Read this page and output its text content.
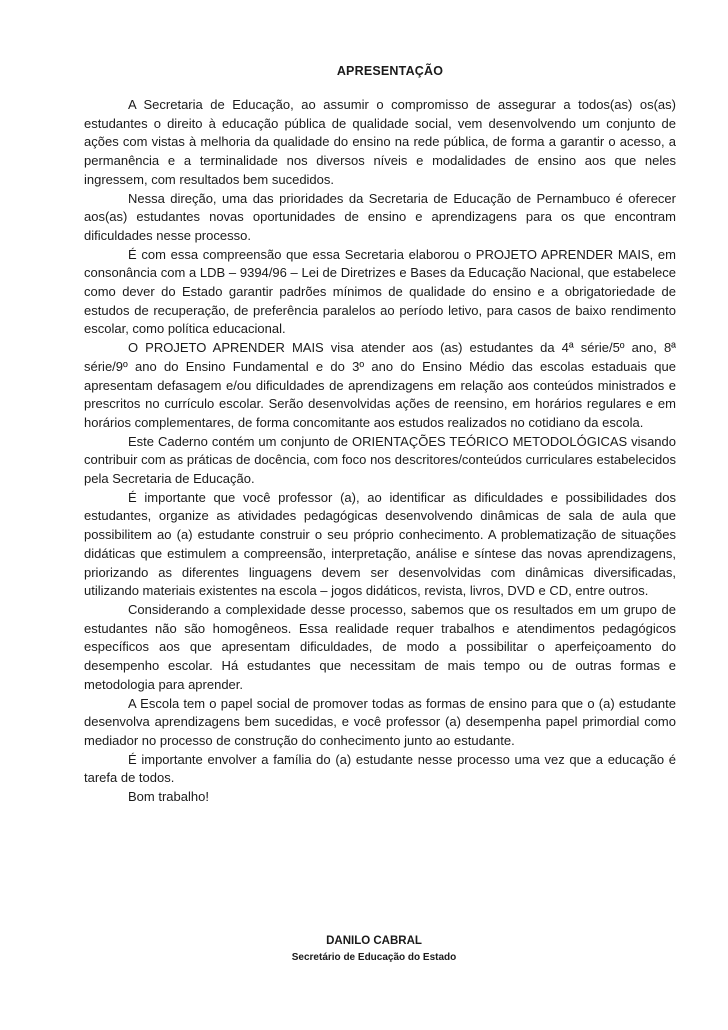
APRESENTAÇÃO

A Secretaria de Educação, ao assumir o compromisso de assegurar a todos(as) os(as) estudantes o direito à educação pública de qualidade social, vem desenvolvendo um conjunto de ações com vistas à melhoria da qualidade do ensino na rede pública, de forma a garantir o acesso, a permanência e a terminalidade nos diversos níveis e modalidades de ensino aos que neles ingressem, com resultados bem sucedidos.

Nessa direção, uma das prioridades da Secretaria de Educação de Pernambuco é oferecer aos(as) estudantes novas oportunidades de ensino e aprendizagens para os que encontram dificuldades nesse processo.

É com essa compreensão que essa Secretaria elaborou o PROJETO APRENDER MAIS, em consonância com a LDB – 9394/96 – Lei de Diretrizes e Bases da Educação Nacional, que estabelece como dever do Estado garantir padrões mínimos de qualidade do ensino e a obrigatoriedade de estudos de recuperação, de preferência paralelos ao período letivo, para casos de baixo rendimento escolar, como política educacional.

O PROJETO APRENDER MAIS visa atender aos (as) estudantes da 4ª série/5º ano, 8ª série/9º ano do Ensino Fundamental e do 3º ano do Ensino Médio das escolas estaduais que apresentam defasagem e/ou dificuldades de aprendizagens em relação aos conteúdos ministrados e prescritos no currículo escolar. Serão desenvolvidas ações de reensino, em horários regulares e em horários complementares, de forma concomitante aos estudos realizados no cotidiano da escola.

Este Caderno contém um conjunto de ORIENTAÇÕES TEÓRICO METODOLÓGICAS visando contribuir com as práticas de docência, com foco nos descritores/conteúdos curriculares estabelecidos pela Secretaria de Educação.

É importante que você professor (a), ao identificar as dificuldades e possibilidades dos estudantes, organize as atividades pedagógicas desenvolvendo dinâmicas de sala de aula que possibilitem ao (a) estudante construir o seu próprio conhecimento. A problematização de situações didáticas que estimulem a compreensão, interpretação, análise e síntese das novas aprendizagens, priorizando as diferentes linguagens devem ser desenvolvidas com dinâmicas diversificadas, utilizando materiais existentes na escola – jogos didáticos, revista, livros, DVD e CD, entre outros.

Considerando a complexidade desse processo, sabemos que os resultados em um grupo de estudantes não são homogêneos. Essa realidade requer trabalhos e atendimentos pedagógicos específicos aos que apresentam dificuldades, de modo a possibilitar o aperfeiçoamento do desempenho escolar. Há estudantes que necessitam de mais tempo ou de outras formas e metodologia para aprender.

A Escola tem o papel social de promover todas as formas de ensino para que o (a) estudante desenvolva aprendizagens bem sucedidas, e você professor (a) desempenha papel primordial como mediador no processo de construção do conhecimento junto ao estudante.

É importante envolver a família do (a) estudante nesse processo uma vez que a educação é tarefa de todos.

Bom trabalho!

DANILO CABRAL

Secretário de Educação do Estado
